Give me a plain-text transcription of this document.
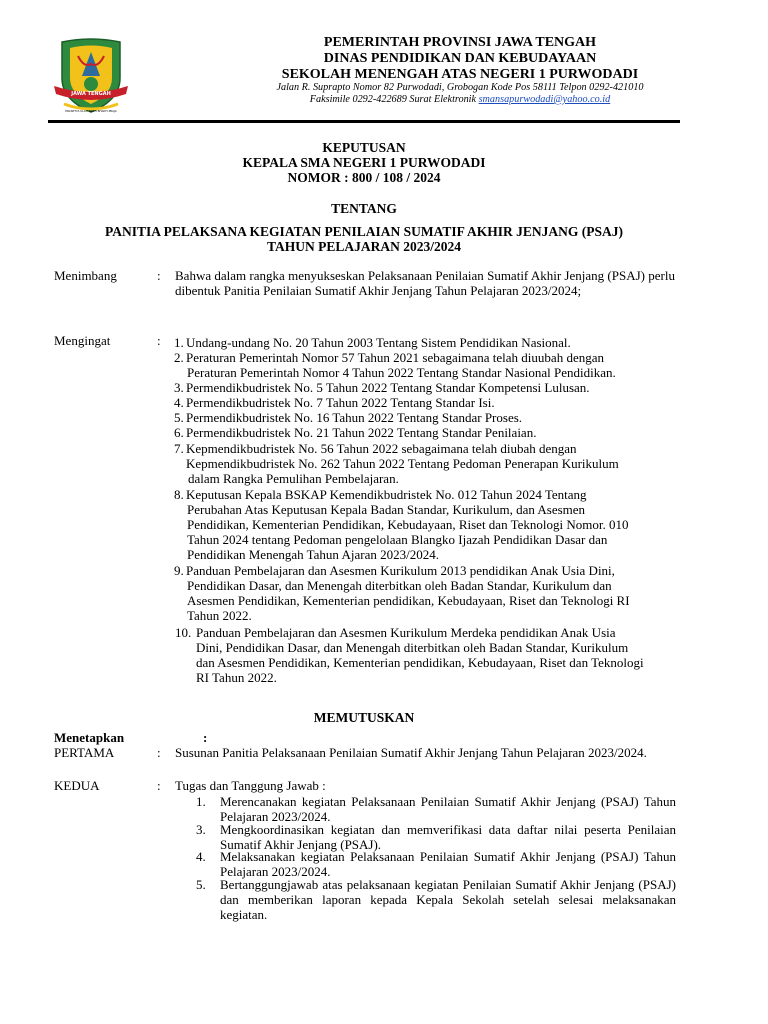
JAWA TENGAH
PRASETYA ULAH SAKTI BHAKTI PRAJA
PEMERINTAH PROVINSI JAWA TENGAH
DINAS PENDIDIKAN DAN KEBUDAYAAN
SEKOLAH MENENGAH ATAS NEGERI 1 PURWODADI
Jalan R. Suprapto Nomor 82 Purwodadi, Grobogan Kode Pos 58111 Telpon 0292-421010
Faksimile 0292-422689 Surat Elektronik smansapurwodadi@yahoo.co.id
KEPUTUSAN
KEPALA SMA NEGERI 1 PURWODADI
NOMOR : 800 / 108 / 2024
TENTANG
PANITIA PELAKSANA KEGIATAN PENILAIAN SUMATIF AKHIR JENJANG (PSAJ)
TAHUN PELAJARAN 2023/2024
Menimbang	: Bahwa dalam rangka menyukseskan Pelaksanaan Penilaian Sumatif Akhir Jenjang (PSAJ) perlu dibentuk Panitia Penilaian Sumatif Akhir Jenjang Tahun Pelajaran 2023/2024;
Mengingat	: 1. Undang-undang No. 20 Tahun 2003 Tentang Sistem Pendidikan Nasional.
2. Peraturan Pemerintah Nomor 57 Tahun 2021 sebagaimana telah diuubah dengan
Peraturan Pemerintah Nomor 4 Tahun 2022 Tentang Standar Nasional Pendidikan.
3. Permendikbudristek No. 5 Tahun 2022 Tentang Standar Kompetensi Lulusan.
4. Permendikbudristek No. 7 Tahun 2022 Tentang Standar Isi.
5. Permendikbudristek No. 16 Tahun 2022 Tentang Standar Proses.
6. Permendikbudristek No. 21 Tahun 2022 Tentang Standar Penilaian.
7. Kepmendikbudristek No. 56 Tahun 2022 sebagaimana telah diubah dengan
Kepmendikbudristek No. 262 Tahun 2022 Tentang Pedoman Penerapan Kurikulum
dalam Rangka Pemulihan Pembelajaran.
8. Keputusan Kepala BSKAP Kemendikbudristek No. 012 Tahun 2024 Tentang
Perubahan Atas Keputusan Kepala Badan Standar, Kurikulum, dan Asesmen
Pendidikan, Kementerian Pendidikan, Kebudayaan, Riset dan Teknologi Nomor. 010
Tahun 2024 tentang Pedoman pengelolaan Blangko Ijazah Pendidikan Dasar dan
Pendidikan Menengah Tahun Ajaran 2023/2024.
9. Panduan Pembelajaran dan Asesmen Kurikulum 2013 pendidikan Anak Usia Dini,
Pendidikan Dasar, dan Menengah diterbitkan oleh Badan Standar, Kurikulum dan
Asesmen Pendidikan, Kementerian pendidikan, Kebudayaan, Riset dan Teknologi RI
Tahun 2022.
10. Panduan Pembelajaran dan Asesmen Kurikulum Merdeka pendidikan Anak Usia
Dini, Pendidikan Dasar, dan Menengah diterbitkan oleh Badan Standar, Kurikulum
dan Asesmen Pendidikan, Kementerian pendidikan, Kebudayaan, Riset dan Teknologi
RI Tahun 2022.
MEMUTUSKAN
Menetapkan	:
PERTAMA	: Susunan Panitia Pelaksanaan Penilaian Sumatif Akhir Jenjang Tahun Pelajaran 2023/2024.
KEDUA	: Tugas dan Tanggung Jawab :
1. Merencanakan kegiatan Pelaksanaan Penilaian Sumatif Akhir Jenjang (PSAJ) Tahun Pelajaran 2023/2024.
3. Mengkoordinasikan kegiatan dan memverifikasi data daftar nilai peserta Penilaian Sumatif Akhir Jenjang (PSAJ).
4. Melaksanakan kegiatan Pelaksanaan Penilaian Sumatif Akhir Jenjang (PSAJ) Tahun Pelajaran 2023/2024.
5. Bertanggungjawab atas pelaksanaan kegiatan Penilaian Sumatif Akhir Jenjang (PSAJ) dan memberikan laporan kepada Kepala Sekolah setelah selesai melaksanakan kegiatan.
